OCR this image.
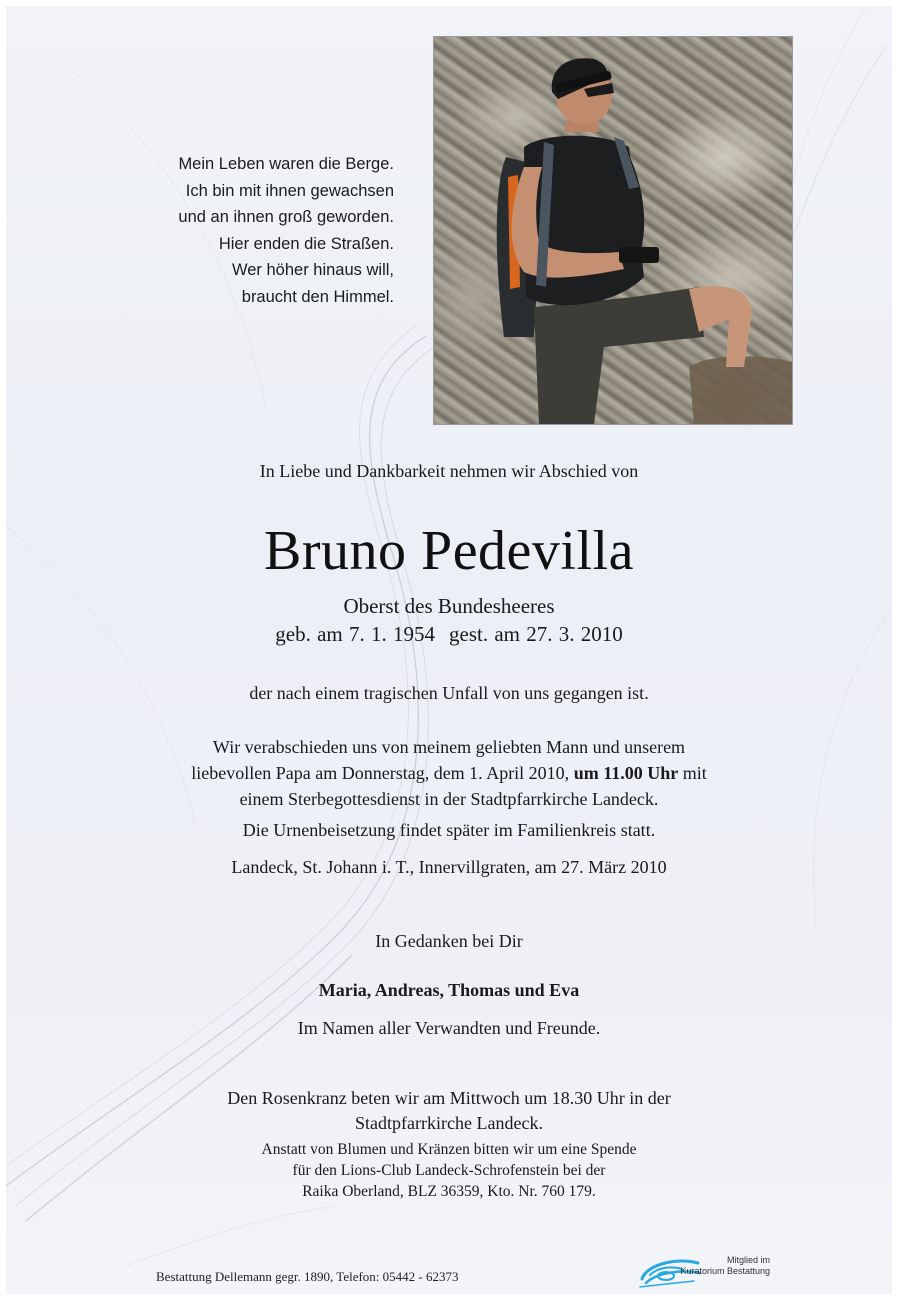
Mein Leben waren die Berge.
Ich bin mit ihnen gewachsen
und an ihnen groß geworden.
Hier enden die Straßen.
Wer höher hinaus will,
braucht den Himmel.
In Liebe und Dankbarkeit nehmen wir Abschied von
Bruno Pedevilla
Oberst des Bundesheeres
geb. am 7. 1. 1954 gest. am 27. 3. 2010
der nach einem tragischen Unfall von uns gegangen ist.
Wir verabschieden uns von meinem geliebten Mann und unserem
liebevollen Papa am Donnerstag, dem 1. April 2010, um 11.00 Uhr mit
einem Sterbegottesdienst in der Stadtpfarrkirche Landeck.
Die Urnenbeisetzung findet später im Familienkreis statt.
Landeck, St. Johann i. T., Innervillgraten, am 27. März 2010
In Gedanken bei Dir
Maria, Andreas, Thomas und Eva
Im Namen aller Verwandten und Freunde.
Den Rosenkranz beten wir am Mittwoch um 18.30 Uhr in der
Stadtpfarrkirche Landeck.
Anstatt von Blumen und Kränzen bitten wir um eine Spende
für den Lions-Club Landeck-Schrofenstein bei der
Raika Oberland, BLZ 36359, Kto. Nr. 760 179.
Bestattung Dellemann gegr. 1890, Telefon: 05442 - 62373
Mitglied im
Kuratorium Bestattung
